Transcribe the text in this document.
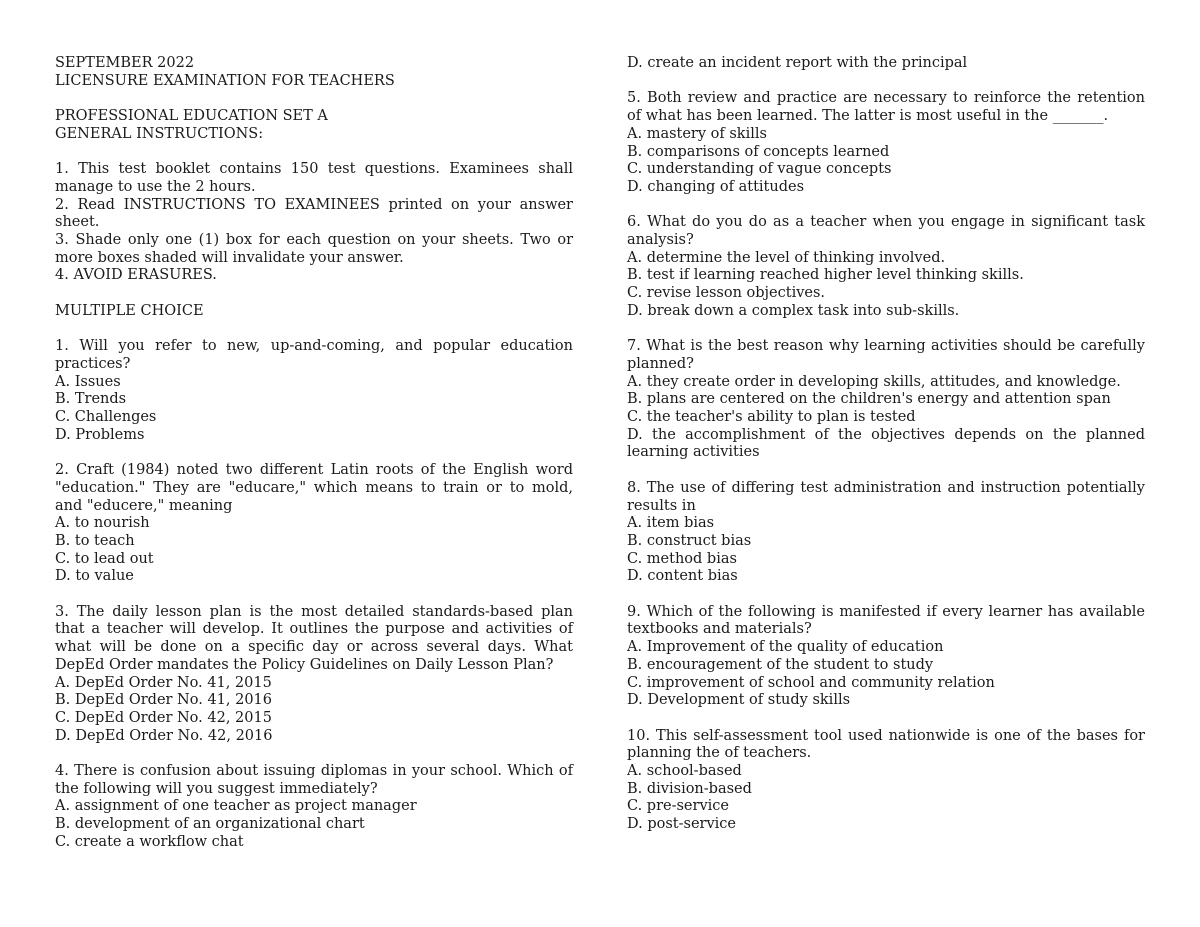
SEPTEMBER 2022
LICENSURE EXAMINATION FOR TEACHERS
PROFESSIONAL EDUCATION SET A
GENERAL INSTRUCTIONS:
1. This test booklet contains 150 test questions. Examinees shall manage to use the 2 hours.
2. Read INSTRUCTIONS TO EXAMINEES printed on your answer sheet.
3. Shade only one (1) box for each question on your sheets. Two or more boxes shaded will invalidate your answer.
4. AVOID ERASURES.
MULTIPLE CHOICE
1. Will you refer to new, up-and-coming, and popular education practices?
A. Issues
B. Trends
C. Challenges
D. Problems
2. Craft (1984) noted two different Latin roots of the English word "education." They are "educare," which means to train or to mold, and "educere," meaning
A. to nourish
B. to teach
C. to lead out
D. to value
3. The daily lesson plan is the most detailed standards-based plan that a teacher will develop. It outlines the purpose and activities of what will be done on a specific day or across several days. What DepEd Order mandates the Policy Guidelines on Daily Lesson Plan?
A. DepEd Order No. 41, 2015
B. DepEd Order No. 41, 2016
C. DepEd Order No. 42, 2015
D. DepEd Order No. 42, 2016
4. There is confusion about issuing diplomas in your school. Which of the following will you suggest immediately?
A. assignment of one teacher as project manager
B. development of an organizational chart
C. create a workflow chat
D. create an incident report with the principal
5. Both review and practice are necessary to reinforce the retention of what has been learned. The latter is most useful in the _______.
A. mastery of skills
B. comparisons of concepts learned
C. understanding of vague concepts
D. changing of attitudes
6. What do you do as a teacher when you engage in significant task analysis?
A. determine the level of thinking involved.
B. test if learning reached higher level thinking skills.
C. revise lesson objectives.
D. break down a complex task into sub-skills.
7. What is the best reason why learning activities should be carefully planned?
A. they create order in developing skills, attitudes, and knowledge.
B. plans are centered on the children's energy and attention span
C. the teacher's ability to plan is tested
D. the accomplishment of the objectives depends on the planned learning activities
8. The use of differing test administration and instruction potentially results in
A. item bias
B. construct bias
C. method bias
D. content bias
9. Which of the following is manifested if every learner has available textbooks and materials?
A. Improvement of the quality of education
B. encouragement of the student to study
C. improvement of school and community relation
D. Development of study skills
10. This self-assessment tool used nationwide is one of the bases for planning the of teachers.
A. school-based
B. division-based
C. pre-service
D. post-service
